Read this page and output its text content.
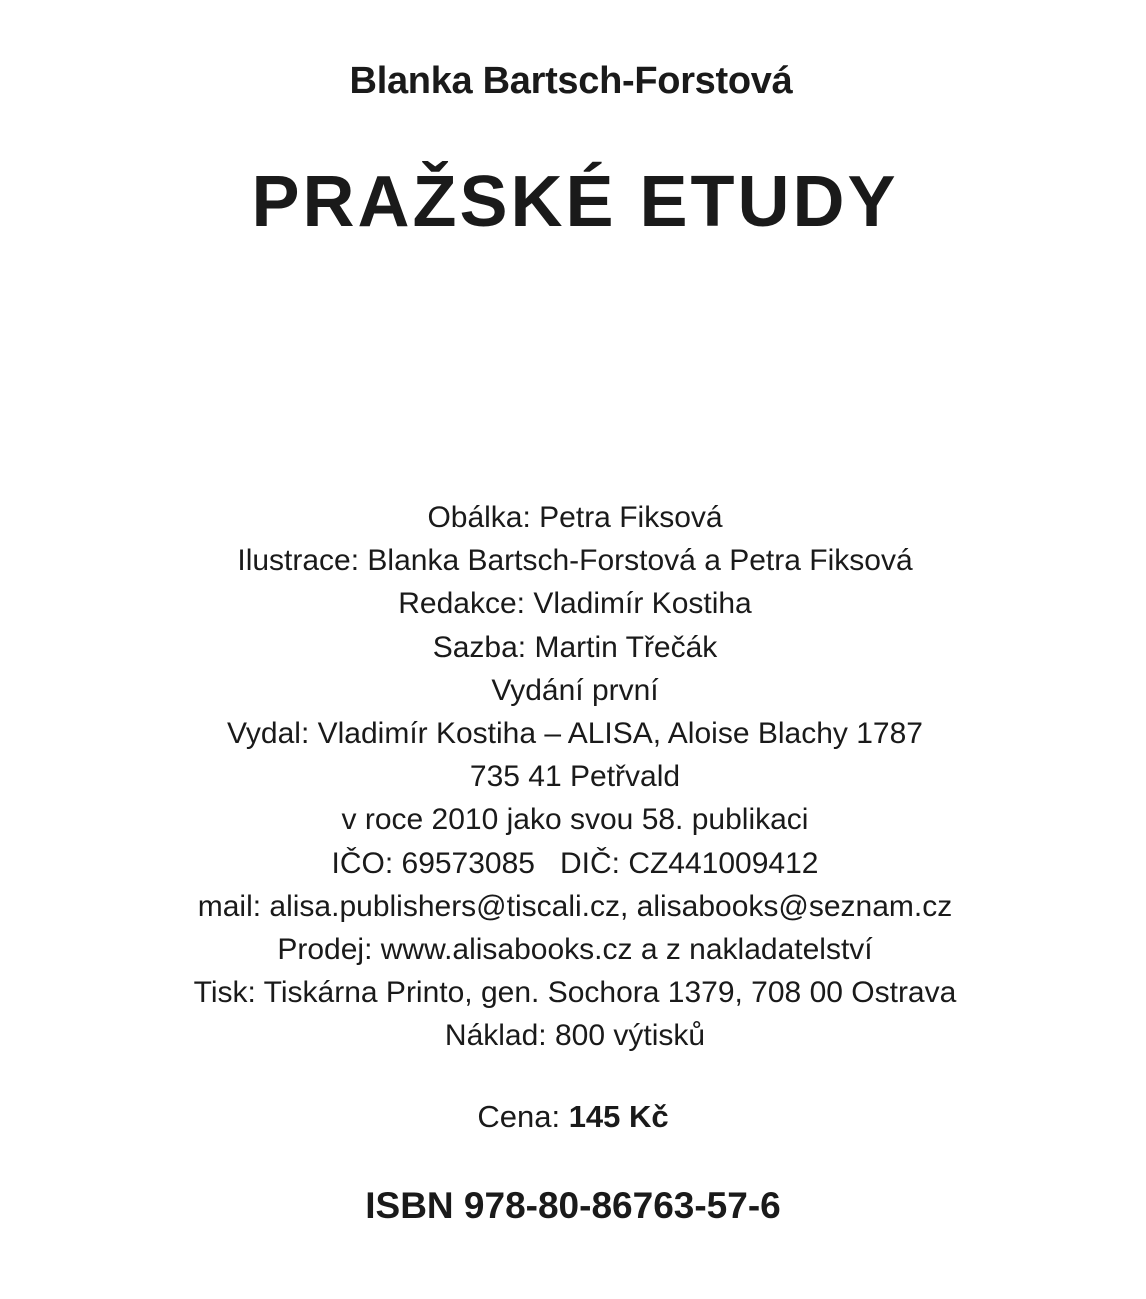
Blanka Bartsch-Forstová
PRAŽSKÉ ETUDY
Obálka: Petra Fiksová
Ilustrace: Blanka Bartsch-Forstová a Petra Fiksová
Redakce: Vladimír Kostiha
Sazba: Martin Třečák
Vydání první
Vydal: Vladimír Kostiha – ALISA, Aloise Blachy 1787
735 41 Petřvald
v roce 2010 jako svou 58. publikaci
IČO: 69573085   DIČ: CZ441009412
mail: alisa.publishers@tiscali.cz, alisabooks@seznam.cz
Prodej: www.alisabooks.cz a z nakladatelství
Tisk: Tiskárna Printo, gen. Sochora 1379, 708 00 Ostrava
Náklad: 800 výtisků
Cena: 145 Kč
ISBN 978-80-86763-57-6
